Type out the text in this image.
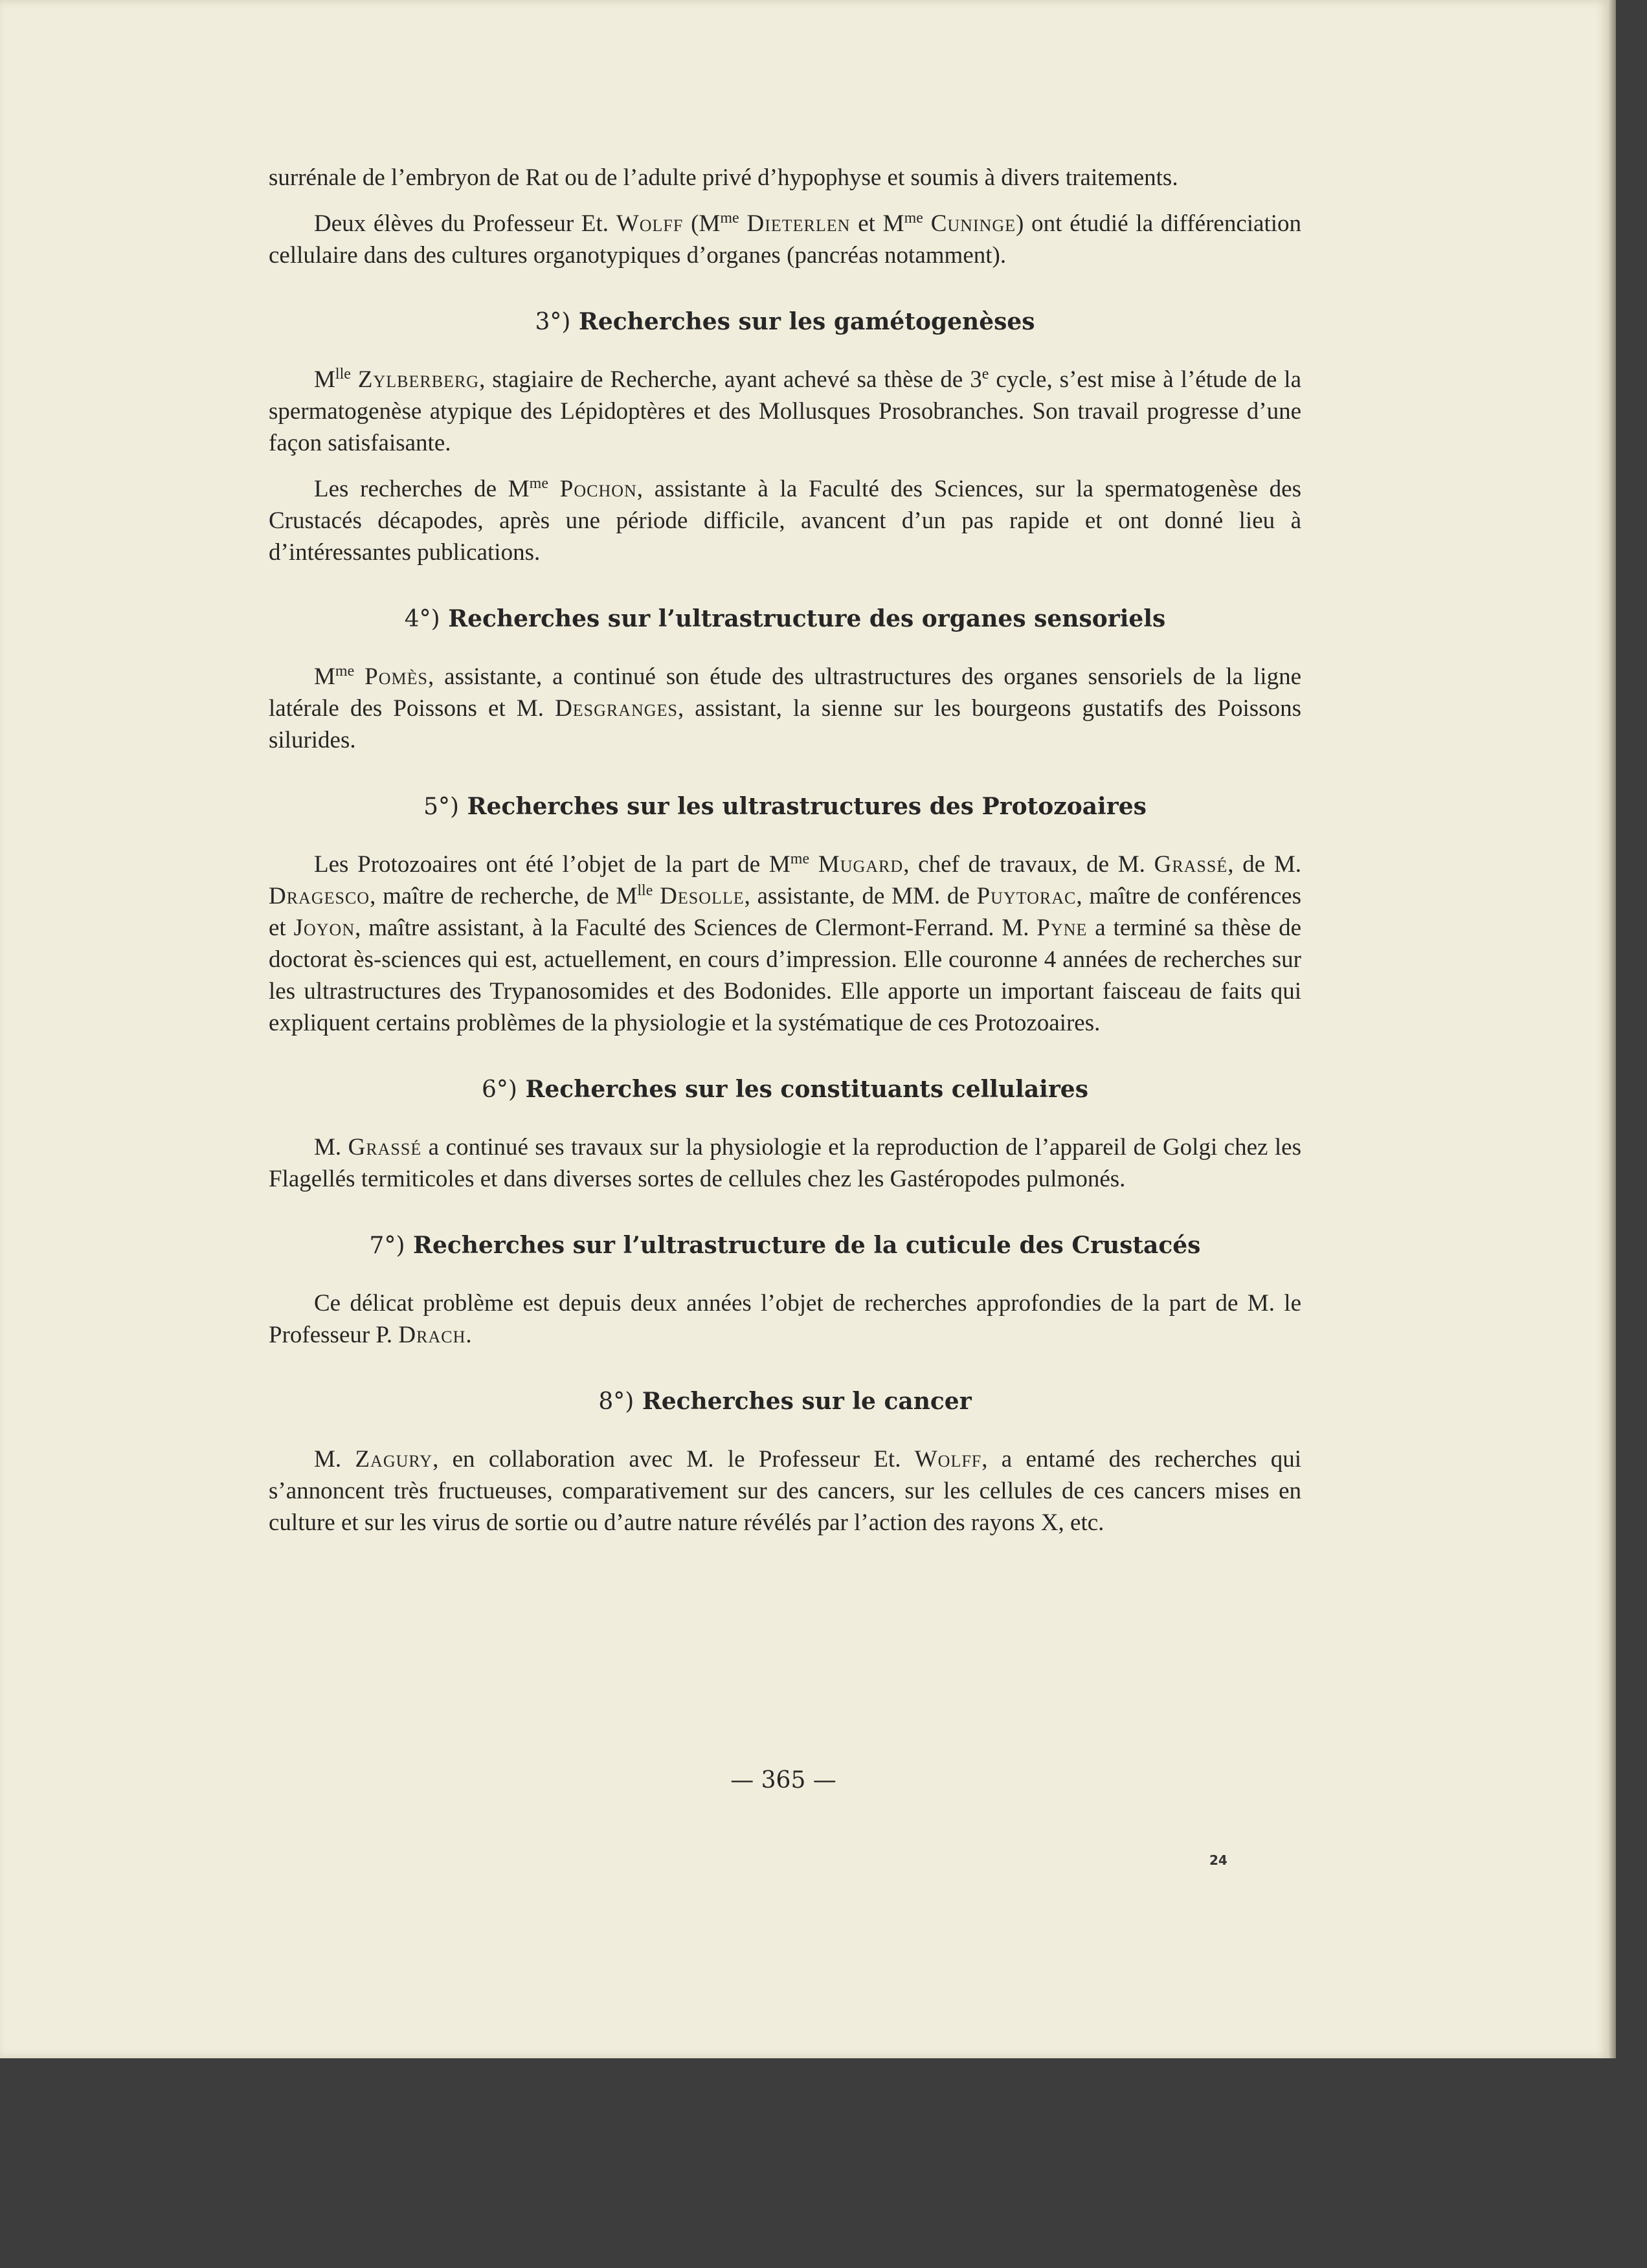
surrénale de l’embryon de Rat ou de l’adulte privé d’hypophyse et soumis à divers traitements.

Deux élèves du Professeur Et. Wolff ($M^{me}$ Dieterlen et $M^{me}$ Cuninge) ont étudié la différenciation cellulaire dans des cultures organotypiques d’organes (pancréas notamment).

3°) Recherches sur les gamétogenèses

$M^{lle}$ Zylberberg, stagiaire de Recherche, ayant achevé sa thèse de 3e cycle, s’est mise à l’étude de la spermatogenèse atypique des Lépidoptères et des Mollusques Prosobranches. Son travail progresse d’une façon satisfaisante.

Les recherches de $M^{me}$ Pochon, assistante à la Faculté des Sciences, sur la spermatogenèse des Crustacés décapodes, après une période difficile, avancent d’un pas rapide et ont donné lieu à d’intéressantes publications.

4°) Recherches sur l’ultrastructure des organes sensoriels

$M^{me}$ Pomès, assistante, a continué son étude des ultrastructures des organes sensoriels de la ligne latérale des Poissons et M. Desgranges, assistant, la sienne sur les bourgeons gustatifs des Poissons silurides.

5°) Recherches sur les ultrastructures des Protozoaires

Les Protozoaires ont été l’objet de la part de $M^{me}$ Mugard, chef de travaux, de M. Grassé, de M. Dragesco, maître de recherche, de $M^{lle}$ Desolle, assistante, de MM. de Puytorac, maître de conférences et Joyon, maître assistant, à la Faculté des Sciences de Clermont-Ferrand. M. Pyne a terminé sa thèse de doctorat ès-sciences qui est, actuellement, en cours d’impression. Elle couronne 4 années de recherches sur les ultrastructures des Trypanosomides et des Bodonides. Elle apporte un important faisceau de faits qui expliquent certains problèmes de la physiologie et la systématique de ces Protozoaires.

6°) Recherches sur les constituants cellulaires

M. Grassé a continué ses travaux sur la physiologie et la reproduction de l’appareil de Golgi chez les Flagellés termiticoles et dans diverses sortes de cellules chez les Gastéropodes pulmonés.

7°) Recherches sur l’ultrastructure de la cuticule des Crustacés

Ce délicat problème est depuis deux années l’objet de recherches approfondies de la part de M. le Professeur P. Drach.

8°) Recherches sur le cancer

M. Zagury, en collaboration avec M. le Professeur Et. Wolff, a entamé des recherches qui s’annoncent très fructueuses, comparativement sur des cancers, sur les cellules de ces cancers mises en culture et sur les virus de sortie ou d’autre nature révélés par l’action des rayons X, etc.

— 365 —
24
